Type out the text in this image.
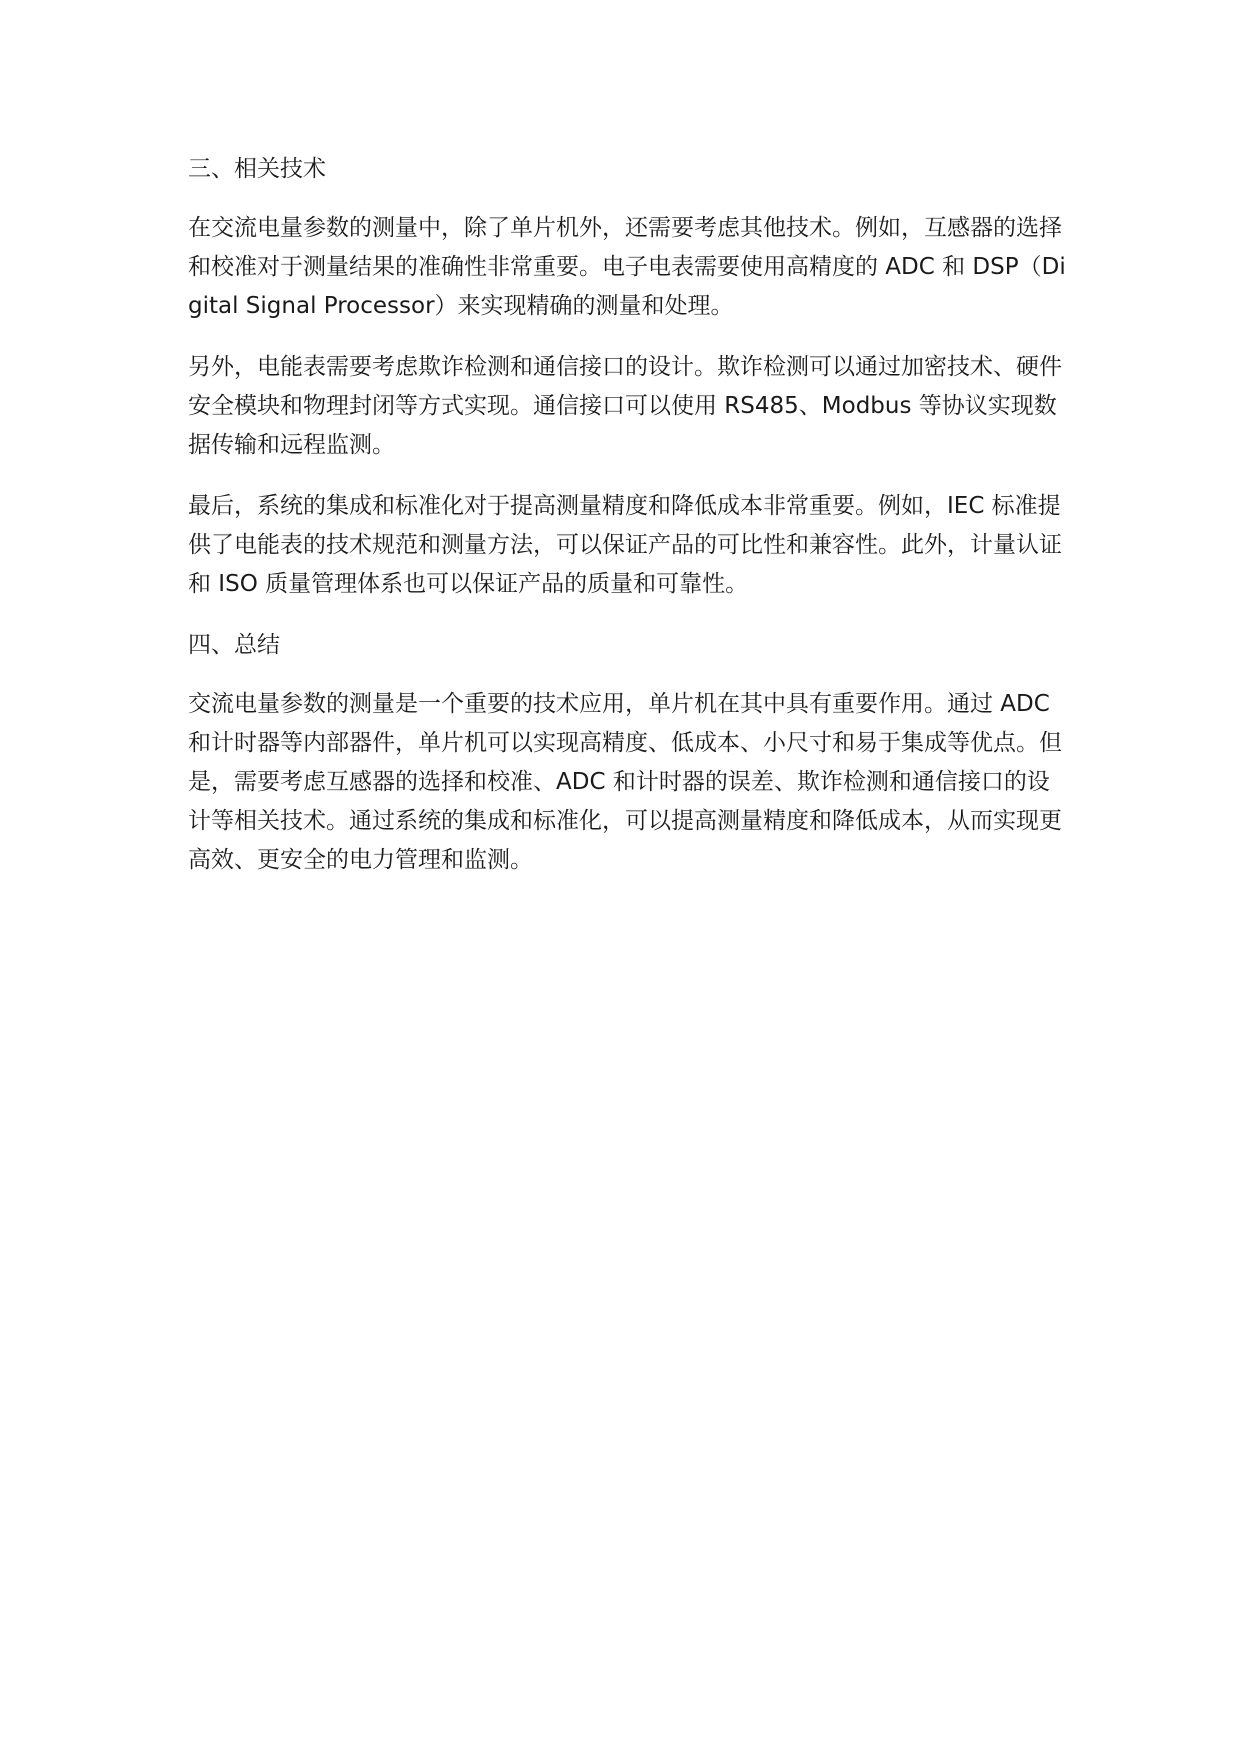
三、相关技术

在交流电量参数的测量中，除了单片机外，还需要考虑其他技术。例如，互感器的选择和校准对于测量结果的准确性非常重要。电子电表需要使用高精度的 ADC 和 DSP（Digital Signal Processor）来实现精确的测量和处理。

另外，电能表需要考虑欺诈检测和通信接口的设计。欺诈检测可以通过加密技术、硬件安全模块和物理封闭等方式实现。通信接口可以使用 RS485、Modbus 等协议实现数据传输和远程监测。

最后，系统的集成和标准化对于提高测量精度和降低成本非常重要。例如，IEC 标准提供了电能表的技术规范和测量方法，可以保证产品的可比性和兼容性。此外，计量认证和 ISO 质量管理体系也可以保证产品的质量和可靠性。

四、总结

交流电量参数的测量是一个重要的技术应用，单片机在其中具有重要作用。通过 ADC 和计时器等内部器件，单片机可以实现高精度、低成本、小尺寸和易于集成等优点。但是，需要考虑互感器的选择和校准、ADC 和计时器的误差、欺诈检测和通信接口的设计等相关技术。通过系统的集成和标准化，可以提高测量精度和降低成本，从而实现更高效、更安全的电力管理和监测。
